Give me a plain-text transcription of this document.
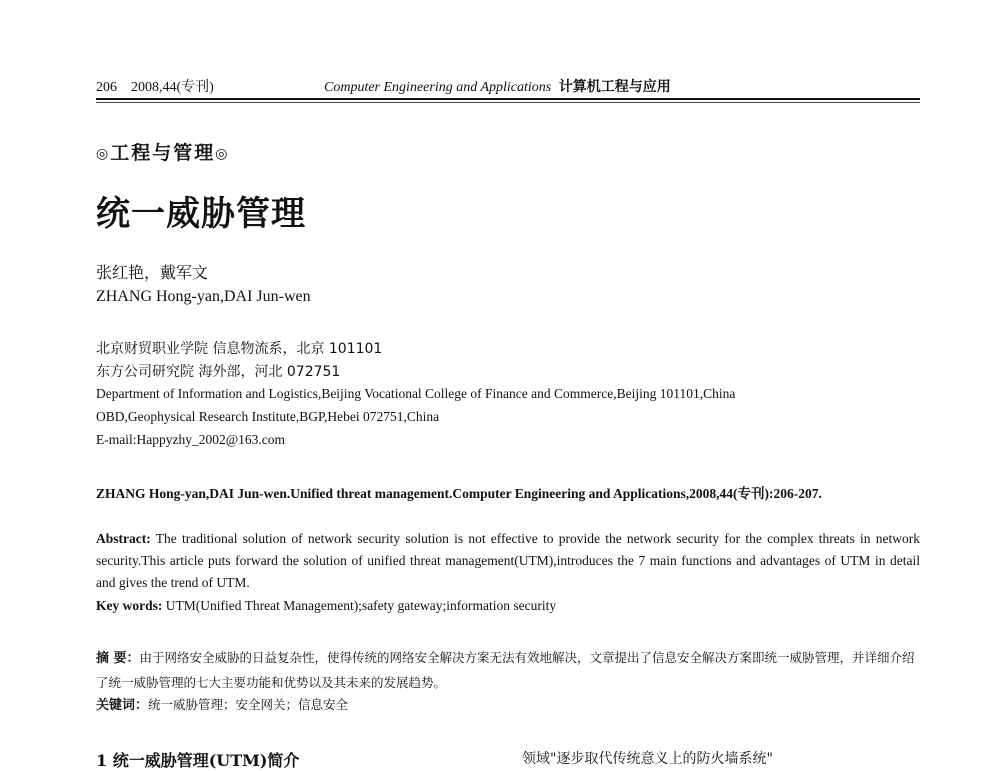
206 2008,44(专刊)	Computer Engineering and Applications 计算机工程与应用
◎工程与管理◎
统一威胁管理
张红艳，戴军文
ZHANG Hong-yan,DAI Jun-wen
北京财贸职业学院 信息物流系，北京 101101
东方公司研究院 海外部，河北 072751
Department of Information and Logistics,Beijing Vocational College of Finance and Commerce,Beijing 101101,China
OBD,Geophysical Research Institute,BGP,Hebei 072751,China
E-mail:Happyzhy_2002@163.com
ZHANG Hong-yan,DAI Jun-wen.Unified threat management.Computer Engineering and Applications,2008,44(专刊):206-207.
Abstract: The traditional solution of network security solution is not effective to provide the network security for the complex threats in network security.This article puts forward the solution of unified threat management(UTM),introduces the 7 main functions and advantages of UTM in detail and gives the trend of UTM.
Key words: UTM(Unified Threat Management);safety gateway;information security
摘 要：由于网络安全威胁的日益复杂性，使得传统的网络安全解决方案无法有效地解决，文章提出了信息安全解决方案即统一威胁管理，并详细介绍了统一威胁管理的七大主要功能和优势以及其未来的发展趋势。
关键词：统一威胁管理；安全网关；信息安全
1 统一威胁管理(UTM)简介	领域"逐步取代传统意义上的防火墙系统"
